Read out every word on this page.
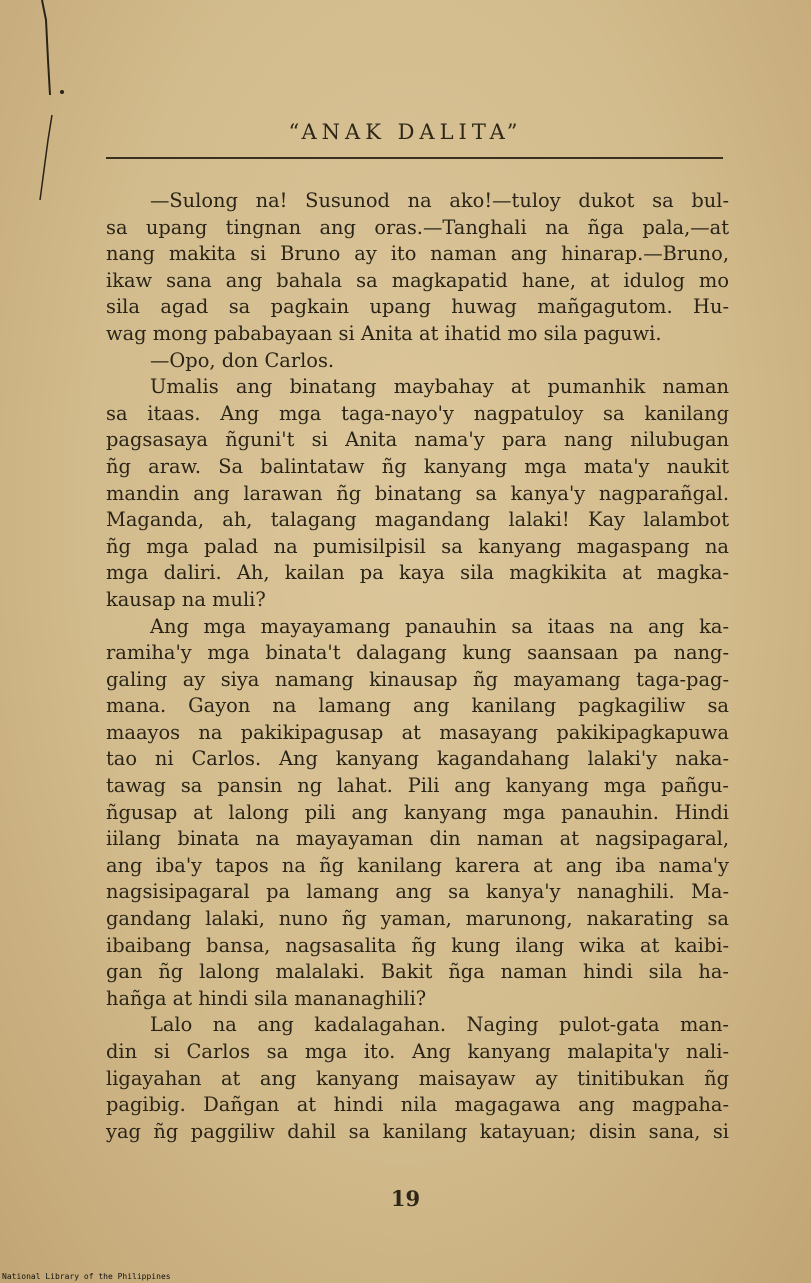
“ANAK DALITA”
—Sulong na! Susunod na ako!—tuloy dukot sa bul-
sa upang tingnan ang oras.—Tanghali na ñga pala,—at
nang makita si Bruno ay ito naman ang hinarap.—Bruno,
ikaw sana ang bahala sa magkapatid hane, at idulog mo
sila agad sa pagkain upang huwag mañgagutom. Hu-
wag mong pababayaan si Anita at ihatid mo sila paguwi.
—Opo, don Carlos.
Umalis ang binatang maybahay at pumanhik naman
sa itaas. Ang mga taga-nayo'y nagpatuloy sa kanilang
pagsasaya ñguni't si Anita nama'y para nang nilubugan
ñg araw. Sa balintataw ñg kanyang mga mata'y naukit
mandin ang larawan ñg binatang sa kanya'y nagparañgal.
Maganda, ah, talagang magandang lalaki! Kay lalambot
ñg mga palad na pumisilpisil sa kanyang magaspang na
mga daliri. Ah, kailan pa kaya sila magkikita at magka-
kausap na muli?
Ang mga mayayamang panauhin sa itaas na ang ka-
ramiha'y mga binata't dalagang kung saansaan pa nang-
galing ay siya namang kinausap ñg mayamang taga-pag-
mana. Gayon na lamang ang kanilang pagkagiliw sa
maayos na pakikipagusap at masayang pakikipagkapuwa
tao ni Carlos. Ang kanyang kagandahang lalaki'y naka-
tawag sa pansin ng lahat. Pili ang kanyang mga pañgu-
ñgusap at lalong pili ang kanyang mga panauhin. Hindi
iilang binata na mayayaman din naman at nagsipagaral,
ang iba'y tapos na ñg kanilang karera at ang iba nama'y
nagsisipagaral pa lamang ang sa kanya'y nanaghili. Ma-
gandang lalaki, nuno ñg yaman, marunong, nakarating sa
ibaibang bansa, nagsasalita ñg kung ilang wika at kaibi-
gan ñg lalong malalaki. Bakit ñga naman hindi sila ha-
hañga at hindi sila mananaghili?
Lalo na ang kadalagahan. Naging pulot-gata man-
din si Carlos sa mga ito. Ang kanyang malapita'y nali-
ligayahan at ang kanyang maisayaw ay tinitibukan ñg
pagibig. Dañgan at hindi nila magagawa ang magpaha-
yag ñg paggiliw dahil sa kanilang katayuan; disin sana, si
19
National Library of the Philippines
